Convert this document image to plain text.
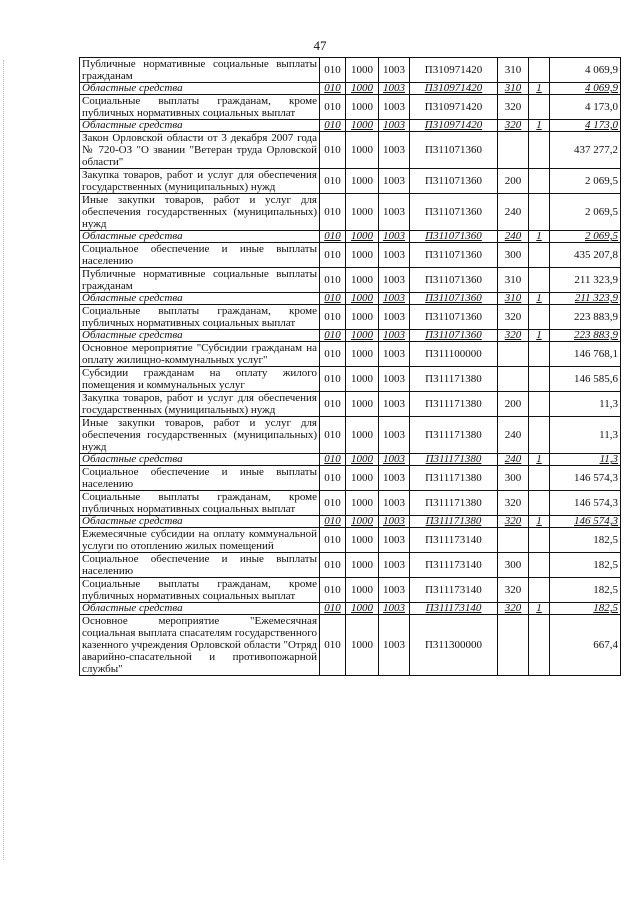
47
Публичные нормативные социальные выплаты гражданам	010	1000	1003	П310971420	310		4 069,9
Областные средства	010	1000	1003	П310971420	310	1	4 069,9
Социальные выплаты гражданам, кроме публичных нормативных социальных выплат	010	1000	1003	П310971420	320		4 173,0
Областные средства	010	1000	1003	П310971420	320	1	4 173,0
Закон Орловской области от 3 декабря 2007 года № 720-ОЗ "О звании "Ветеран труда Орловской области"	010	1000	1003	П311071360			437 277,2
Закупка товаров, работ и услуг для обеспечения государственных (муниципальных) нужд	010	1000	1003	П311071360	200		2 069,5
Иные закупки товаров, работ и услуг для обеспечения государственных (муниципальных) нужд	010	1000	1003	П311071360	240		2 069,5
Областные средства	010	1000	1003	П311071360	240	1	2 069,5
Социальное обеспечение и иные выплаты населению	010	1000	1003	П311071360	300		435 207,8
Публичные нормативные социальные выплаты гражданам	010	1000	1003	П311071360	310		211 323,9
Областные средства	010	1000	1003	П311071360	310	1	211 323,9
Социальные выплаты гражданам, кроме публичных нормативных социальных выплат	010	1000	1003	П311071360	320		223 883,9
Областные средства	010	1000	1003	П311071360	320	1	223 883,9
Основное мероприятие "Субсидии гражданам на оплату жилищно-коммунальных услуг"	010	1000	1003	П311100000			146 768,1
Субсидии гражданам на оплату жилого помещения и коммунальных услуг	010	1000	1003	П311171380			146 585,6
Закупка товаров, работ и услуг для обеспечения государственных (муниципальных) нужд	010	1000	1003	П311171380	200		11,3
Иные закупки товаров, работ и услуг для обеспечения государственных (муниципальных) нужд	010	1000	1003	П311171380	240		11,3
Областные средства	010	1000	1003	П311171380	240	1	11,3
Социальное обеспечение и иные выплаты населению	010	1000	1003	П311171380	300		146 574,3
Социальные выплаты гражданам, кроме публичных нормативных социальных выплат	010	1000	1003	П311171380	320		146 574,3
Областные средства	010	1000	1003	П311171380	320	1	146 574,3
Ежемесячные субсидии на оплату коммунальной услуги по отоплению жилых помещений	010	1000	1003	П311173140			182,5
Социальное обеспечение и иные выплаты населению	010	1000	1003	П311173140	300		182,5
Социальные выплаты гражданам, кроме публичных нормативных социальных выплат	010	1000	1003	П311173140	320		182,5
Областные средства	010	1000	1003	П311173140	320	1	182,5
Основное мероприятие "Ежемесячная социальная выплата спасателям государственного казенного учреждения Орловской области "Отряд аварийно-спасательной и противопожарной службы"	010	1000	1003	П311300000			667,4
